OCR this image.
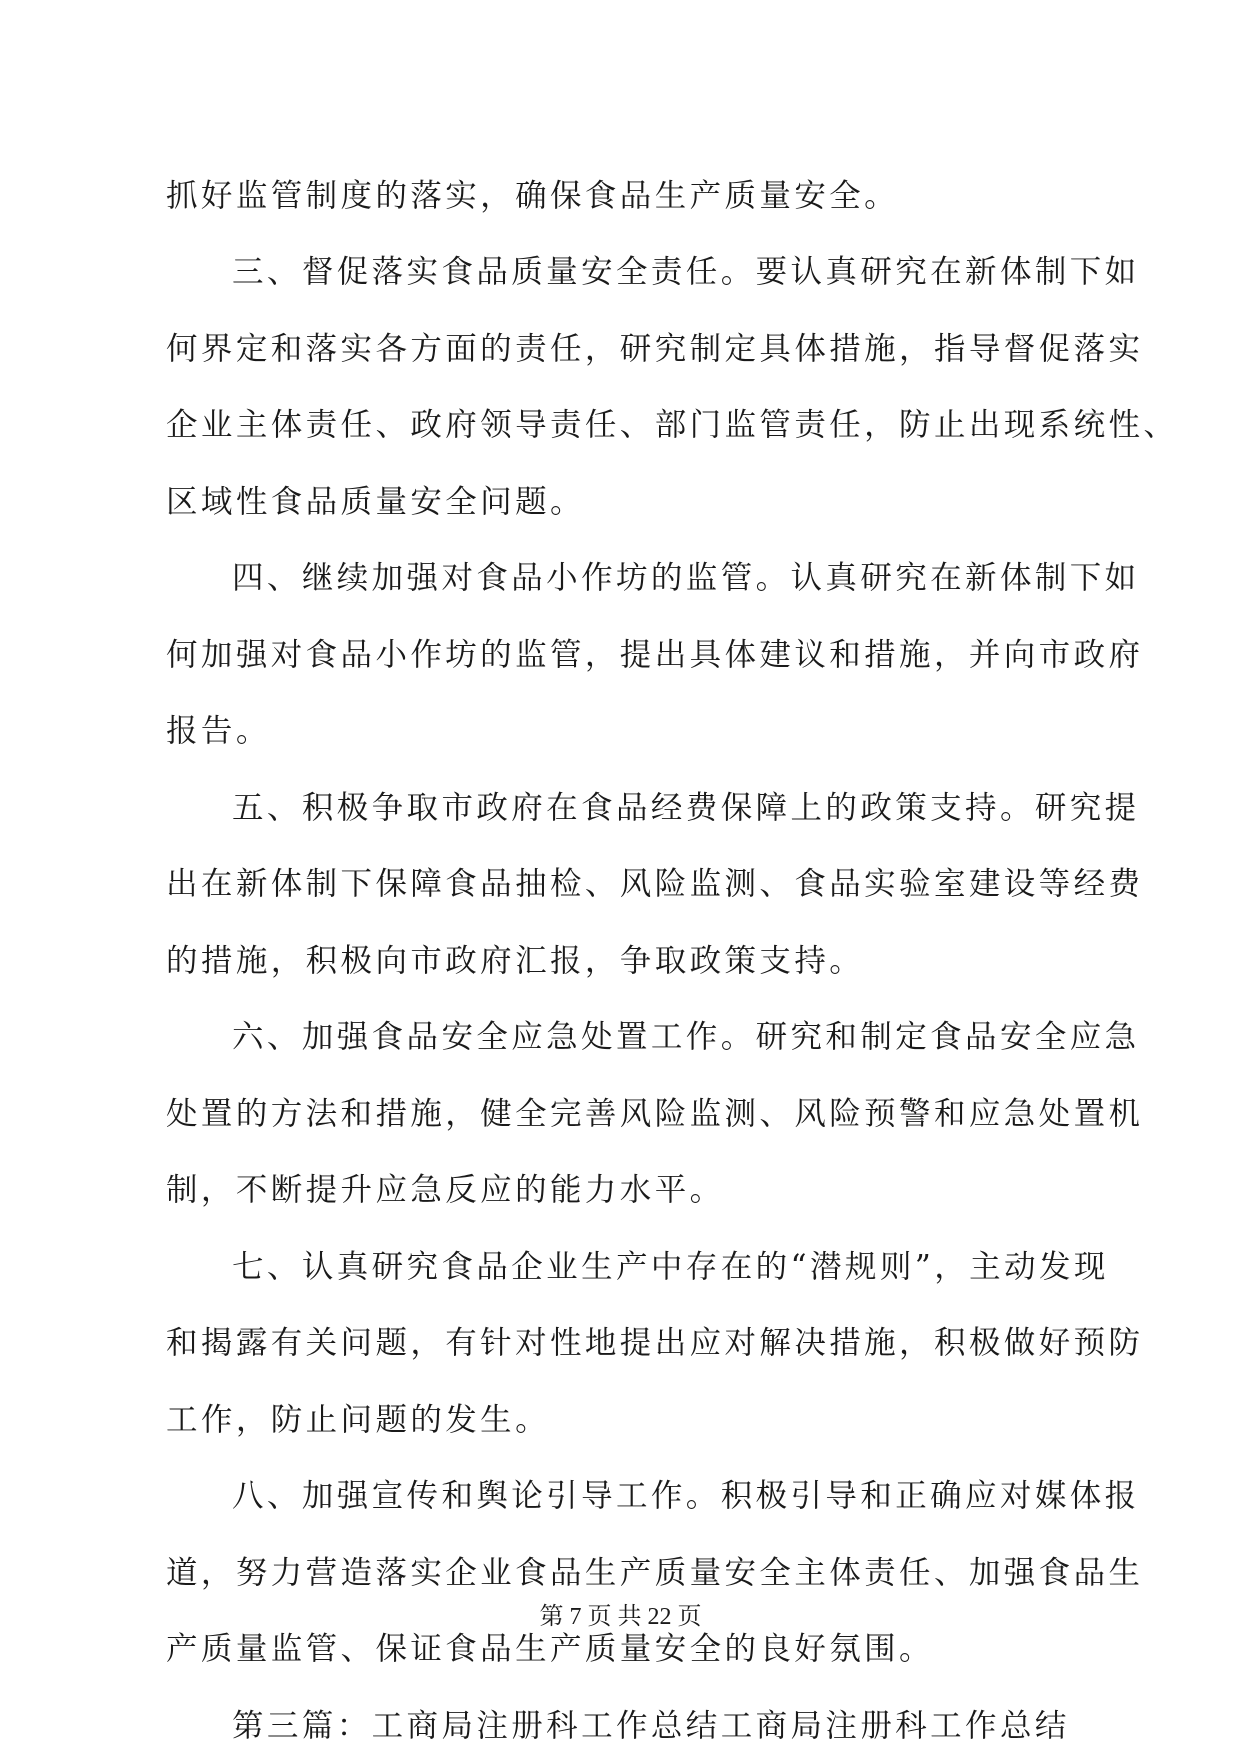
抓 好 监 管 制 度 的 落 实 ， 确 保 食 品 生 产 质 量 安 全 。
三 、 督 促 落 实 食 品 质 量 安 全 责 任 。 要 认 真 研 究 在 新 体 制 下 如
何 界 定 和 落 实 各 方 面 的 责 任 ， 研 究 制 定 具 体 措 施 ， 指 导 督 促 落 实
企 业 主 体 责 任 、 政 府 领 导 责 任 、 部 门 监 管 责 任 ， 防 止 出 现 系 统 性 、
区 域 性 食 品 质 量 安 全 问 题 。
四 、 继 续 加 强 对 食 品 小 作 坊 的 监 管 。 认 真 研 究 在 新 体 制 下 如
何 加 强 对 食 品 小 作 坊 的 监 管 ， 提 出 具 体 建 议 和 措 施 ， 并 向 市 政 府
报 告 。
五 、 积 极 争 取 市 政 府 在 食 品 经 费 保 障 上 的 政 策 支 持 。 研 究 提
出 在 新 体 制 下 保 障 食 品 抽 检 、 风 险 监 测 、 食 品 实 验 室 建 设 等 经 费
的 措 施 ， 积 极 向 市 政 府 汇 报 ， 争 取 政 策 支 持 。
六 、 加 强 食 品 安 全 应 急 处 置 工 作 。 研 究 和 制 定 食 品 安 全 应 急
处 置 的 方 法 和 措 施 ， 健 全 完 善 风 险 监 测 、 风 险 预 警 和 应 急 处 置 机
制 ， 不 断 提 升 应 急 反 应 的 能 力 水 平 。
七 、 认 真 研 究 食 品 企 业 生 产 中 存 在 的 “ 潜 规 则 ” ， 主 动 发 现
和 揭 露 有 关 问 题 ， 有 针 对 性 地 提 出 应 对 解 决 措 施 ， 积 极 做 好 预 防
工 作 ， 防 止 问 题 的 发 生 。
八 、 加 强 宣 传 和 舆 论 引 导 工 作 。 积 极 引 导 和 正 确 应 对 媒 体 报
道 ， 努 力 营 造 落 实 企 业 食 品 生 产 质 量 安 全 主 体 责 任 、 加 强 食 品 生
产 质 量 监 管 、 保 证 食 品 生 产 质 量 安 全 的 良 好 氛 围 。
第 三 篇 ： 工 商 局 注 册 科 工 作 总 结 工 商 局 注 册 科 工 作 总 结
第 7 页 共 22 页
